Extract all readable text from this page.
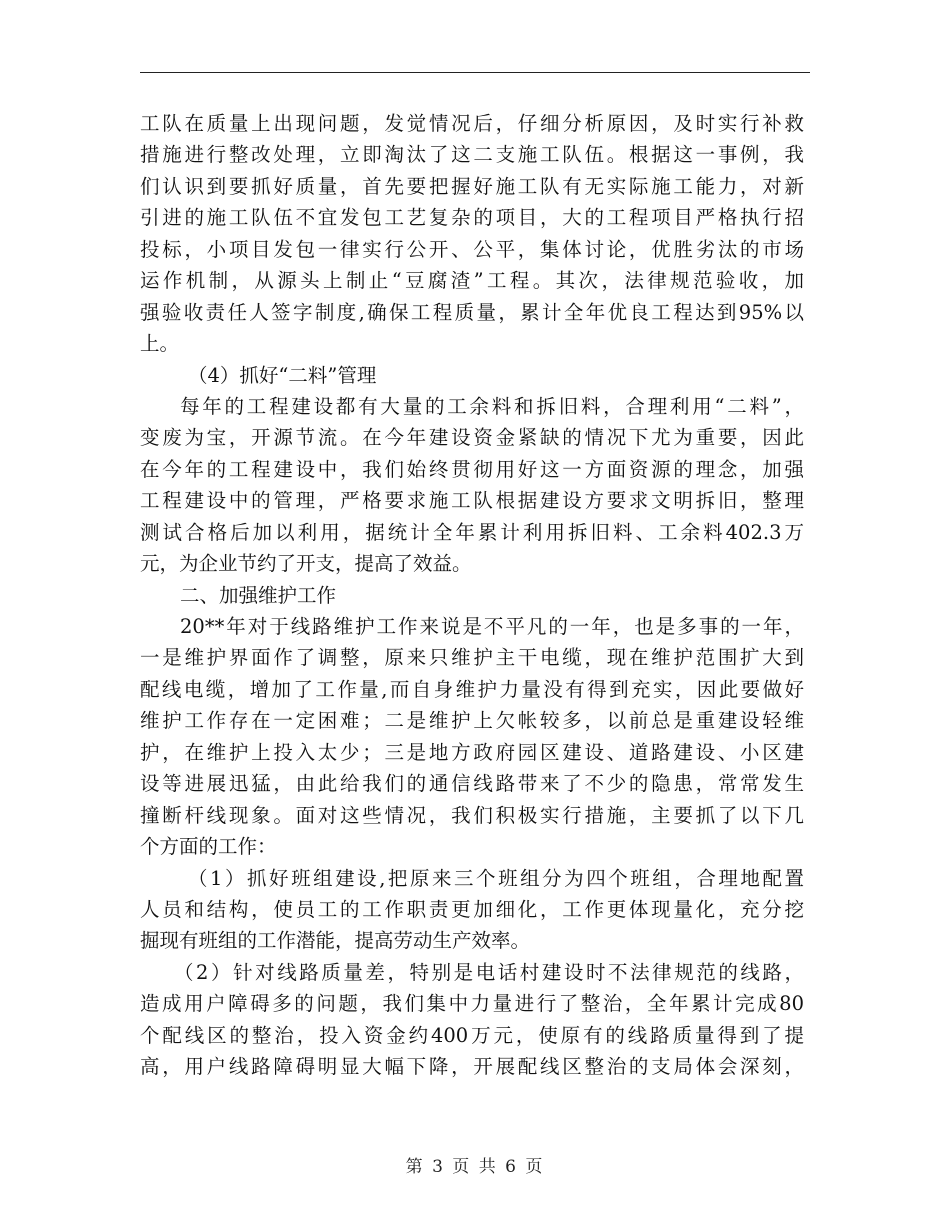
工队在质量上出现问题，发觉情况后，仔细分析原因，及时实行补救
措施进行整改处理，立即淘汰了这二支施工队伍。根据这一事例，我
们认识到要抓好质量，首先要把握好施工队有无实际施工能力，对新
引进的施工队伍不宜发包工艺复杂的项目，大的工程项目严格执行招
投标，小项目发包一律实行公开、公平，集体讨论，优胜劣汰的市场
运作机制，从源头上制止“豆腐渣”工程。其次，法律规范验收，加
强验收责任人签字制度,确保工程质量，累计全年优良工程达到95%以
上。
（4）抓好“二料”管理
每年的工程建设都有大量的工余料和拆旧料，合理利用“二料”，
变废为宝，开源节流。在今年建设资金紧缺的情况下尤为重要，因此
在今年的工程建设中，我们始终贯彻用好这一方面资源的理念，加强
工程建设中的管理，严格要求施工队根据建设方要求文明拆旧，整理
测试合格后加以利用，据统计全年累计利用拆旧料、工余料402.3万
元，为企业节约了开支，提高了效益。
二、加强维护工作
20**年对于线路维护工作来说是不平凡的一年，也是多事的一年，
一是维护界面作了调整，原来只维护主干电缆，现在维护范围扩大到
配线电缆，增加了工作量,而自身维护力量没有得到充实，因此要做好
维护工作存在一定困难；二是维护上欠帐较多，以前总是重建设轻维
护，在维护上投入太少；三是地方政府园区建设、道路建设、小区建
设等进展迅猛，由此给我们的通信线路带来了不少的隐患，常常发生
撞断杆线现象。面对这些情况，我们积极实行措施，主要抓了以下几
个方面的工作：
（1）抓好班组建设,把原来三个班组分为四个班组，合理地配置
人员和结构，使员工的工作职责更加细化，工作更体现量化，充分挖
掘现有班组的工作潜能，提高劳动生产效率。
（2）针对线路质量差，特别是电话村建设时不法律规范的线路，
造成用户障碍多的问题，我们集中力量进行了整治，全年累计完成80
个配线区的整治，投入资金约400万元，使原有的线路质量得到了提
高，用户线路障碍明显大幅下降，开展配线区整治的支局体会深刻，
第 3 页 共 6 页
